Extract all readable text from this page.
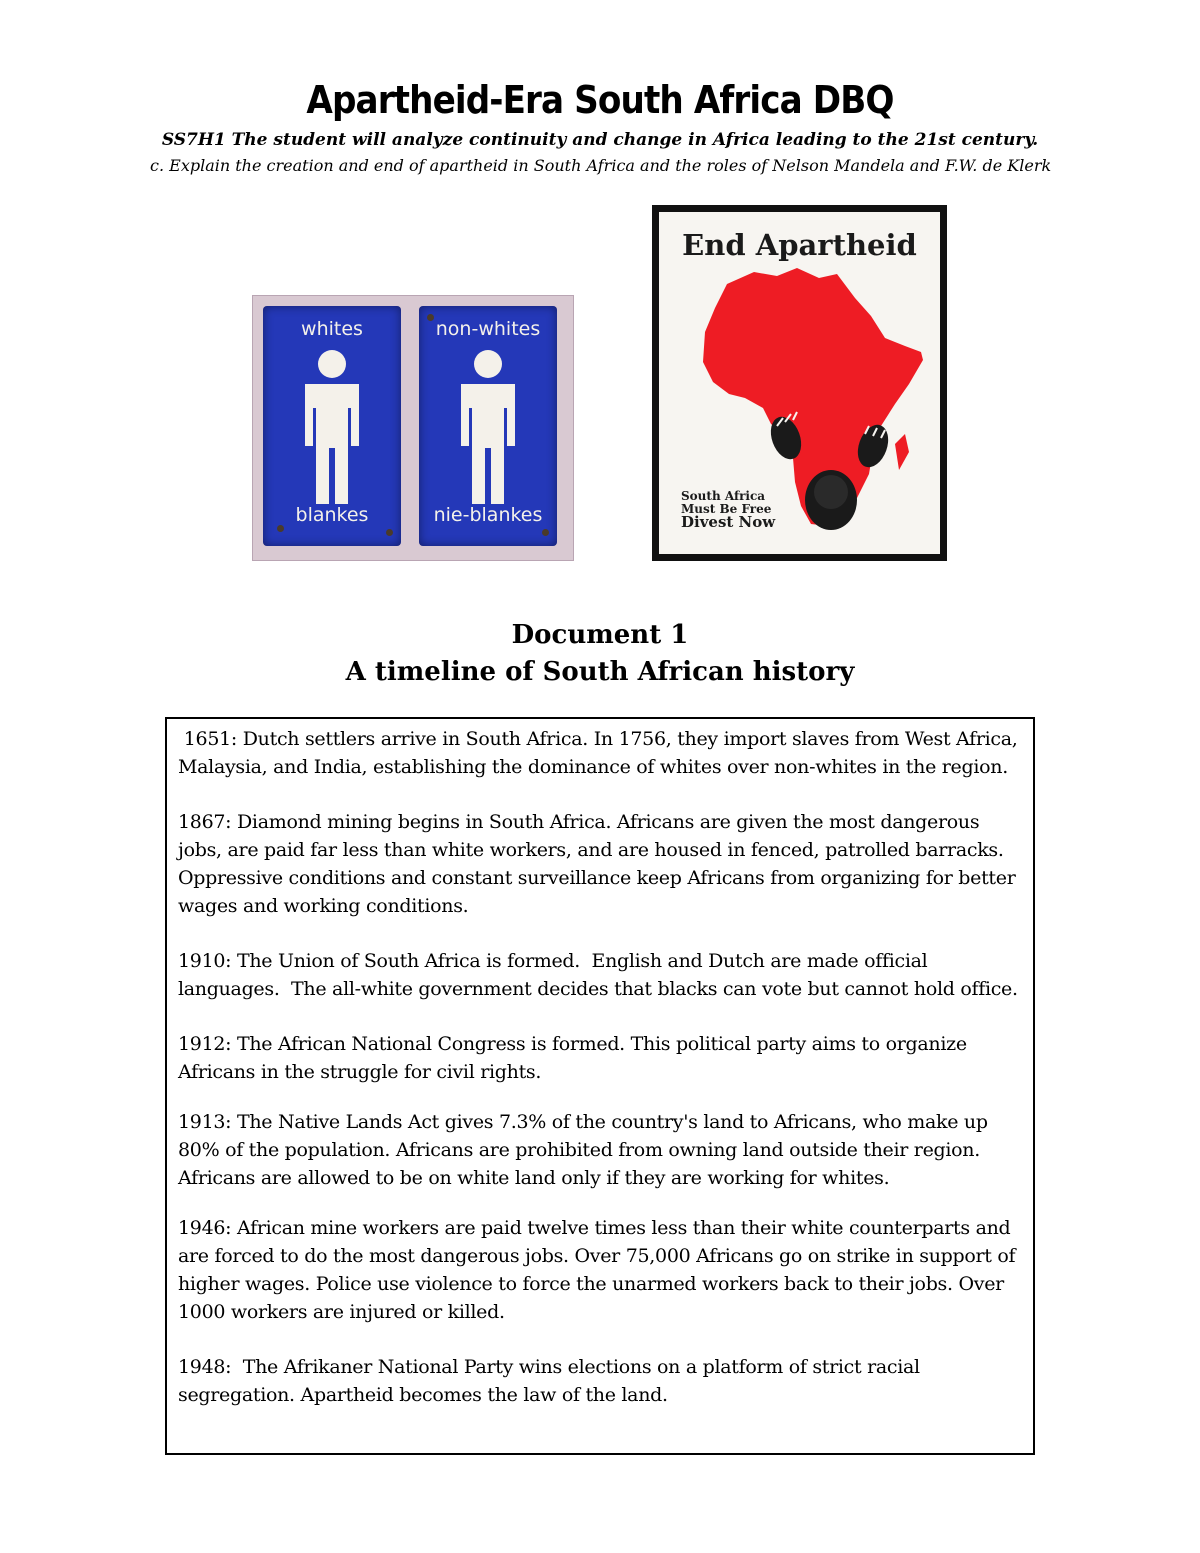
Apartheid-Era South Africa DBQ
SS7H1 The student will analyze continuity and change in Africa leading to the 21st century.
c. Explain the creation and end of apartheid in South Africa and the roles of Nelson Mandela and F.W. de Klerk
whites
blankes
non-whites
nie-blankes
End Apartheid
South Africa
Must Be Free
Divest Now
Document 1
A timeline of South African history

1651: Dutch settlers arrive in South Africa. In 1756, they import slaves from West Africa, Malaysia, and India, establishing the dominance of whites over non-whites in the region.

1867: Diamond mining begins in South Africa. Africans are given the most dangerous jobs, are paid far less than white workers, and are housed in fenced, patrolled barracks. Oppressive conditions and constant surveillance keep Africans from organizing for better wages and working conditions.

1910: The Union of South Africa is formed.  English and Dutch are made official languages.  The all-white government decides that blacks can vote but cannot hold office.

1912: The African National Congress is formed. This political party aims to organize Africans in the struggle for civil rights.

1913: The Native Lands Act gives 7.3% of the country's land to Africans, who make up 80% of the population. Africans are prohibited from owning land outside their region. Africans are allowed to be on white land only if they are working for whites.

1946: African mine workers are paid twelve times less than their white counterparts and are forced to do the most dangerous jobs. Over 75,000 Africans go on strike in support of higher wages. Police use violence to force the unarmed workers back to their jobs. Over 1000 workers are injured or killed.

1948:  The Afrikaner National Party wins elections on a platform of strict racial segregation. Apartheid becomes the law of the land.
